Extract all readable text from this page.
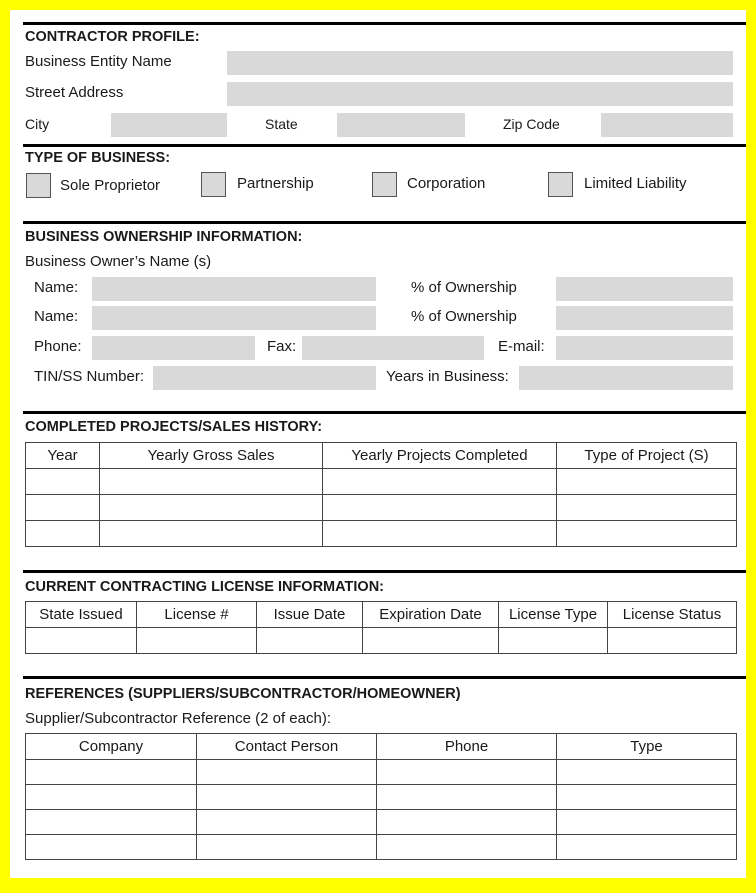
CONTRACTOR PROFILE:
Business Entity Name
Street Address
City	State	Zip Code
TYPE OF BUSINESS:
Sole Proprietor	Partnership	Corporation	Limited Liability
BUSINESS OWNERSHIP INFORMATION:
Business Owner’s Name (s)
Name:	% of Ownership
Name:	% of Ownership
Phone:	Fax:	E-mail:
TIN/SS Number:	Years in Business:
COMPLETED PROJECTS/SALES HISTORY:
Year	Yearly Gross Sales	Yearly Projects Completed	Type of Project (S)

CURRENT CONTRACTING LICENSE INFORMATION:
State Issued	License #	Issue Date	Expiration Date	License Type	License Status

REFERENCES (SUPPLIERS/SUBCONTRACTOR/HOMEOWNER)
Supplier/Subcontractor Reference (2 of each):
Company	Contact Person	Phone	Type
